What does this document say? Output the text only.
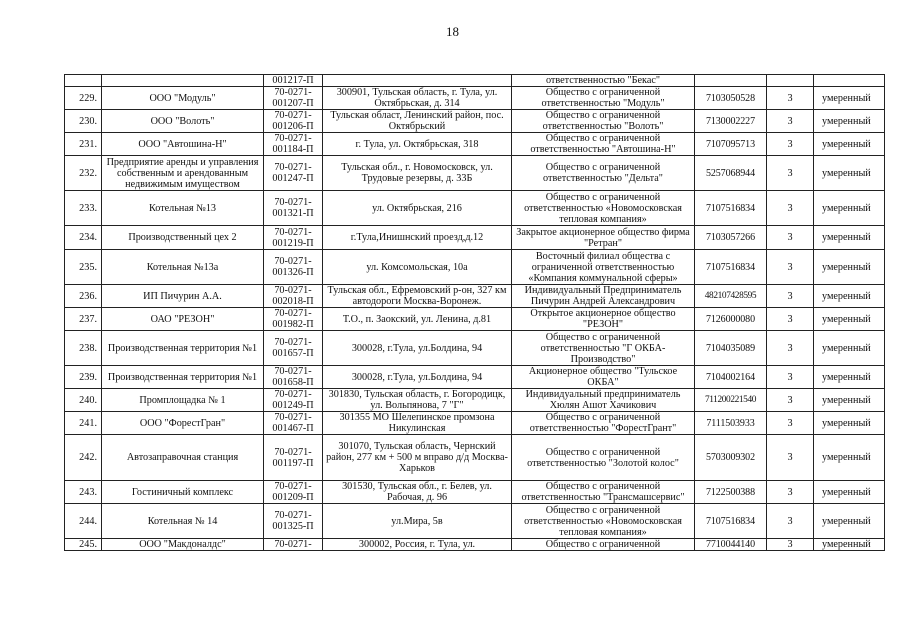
18
		001217-П		ответственностью "Бекас"			
229.	ООО "Модуль"	70-0271-001207-П	300901, Тульская область, г. Тула, ул. Октябрьская, д. 314	Общество с ограниченной ответственностью "Модуль"	7103050528	3	умеренный
230.	ООО "Волоть"	70-0271-001206-П	Тульская област, Ленинский район, пос. Октябрьский	Общество с ограниченной ответственностью "Волоть"	7130002227	3	умеренный
231.	ООО "Автошина-Н"	70-0271-001184-П	г. Тула, ул. Октябрьская, 318	Общество с ограниченной ответственностью "Автошина-Н"	7107095713	3	умеренный
232.	Предприятие аренды и управления собственным и арендованным недвижимым имуществом	70-0271-001247-П	Тульская обл., г. Новомосковск, ул. Трудовые резервы, д. 33Б	Общество с ограниченной ответственностью "Дельта"	5257068944	3	умеренный
233.	Котельная №13	70-0271-001321-П	ул. Октябрьская, 216	Общество с ограниченной ответственностью «Новомосковская тепловая компания»	7107516834	3	умеренный
234.	Производственный цех 2	70-0271-001219-П	г.Тула,Инишнский проезд,д.12	Закрытое акционерное общество фирма "Ретран"	7103057266	3	умеренный
235.	Котельная №13а	70-0271-001326-П	ул. Комсомольская, 10а	Восточный филиал общества с ограниченной ответственностью «Компания коммунальной сферы»	7107516834	3	умеренный
236.	ИП Пичурин А.А.	70-0271-002018-П	Тульская обл., Ефремовский р-он, 327 км автодороги Москва-Воронеж.	Индивидуальный Предприниматель Пичурин Андрей Александрович	482107428595	3	умеренный
237.	ОАО "РЕЗОН"	70-0271-001982-П	Т.О., п. Заокский, ул. Ленина, д.81	Открытое акционерное общество "РЕЗОН"	7126000080	3	умеренный
238.	Производственная территория №1	70-0271-001657-П	300028, г.Тула, ул.Болдина, 94	Общество с ограниченной ответственностью "Г ОКБА-Производство"	7104035089	3	умеренный
239.	Производственная территория №1	70-0271-001658-П	300028, г.Тула, ул.Болдина, 94	Акционерное общество "Тульское ОКБА"	7104002164	3	умеренный
240.	Промплощадка № 1	70-0271-001249-П	301830, Тульская область, г. Богородицк, ул. Вольпянова, 7 "Г"	Индивидуальный предприниматель Хюлян Ашот Хачикович	711200221540	3	умеренный
241.	ООО "ФорестГран"	70-0271-001467-П	301355 МО Шелепинское промзона Никулинская	Общество с ограниченной ответственностью "ФорестГрант"	7111503933	3	умеренный
242.	Автозаправочная станция	70-0271-001197-П	301070, Тульская область, Чернский район, 277 км + 500 м вправо д/д Москва-Харьков	Общество с ограниченной ответственностью "Золотой колос"	5703009302	3	умеренный
243.	Гостиничный комплекс	70-0271-001209-П	301530, Тульская обл., г. Белев, ул. Рабочая, д. 96	Общество с ограниченной ответственностью "Трансмашсервис"	7122500388	3	умеренный
244.	Котельная № 14	70-0271-001325-П	ул.Мира, 5в	Общество с ограниченной ответственностью «Новомосковская тепловая компания»	7107516834	3	умеренный
245.	ООО "Макдоналдс"	70-0271-	300002, Россия, г. Тула, ул.	Общество с ограниченной	7710044140	3	умеренный
